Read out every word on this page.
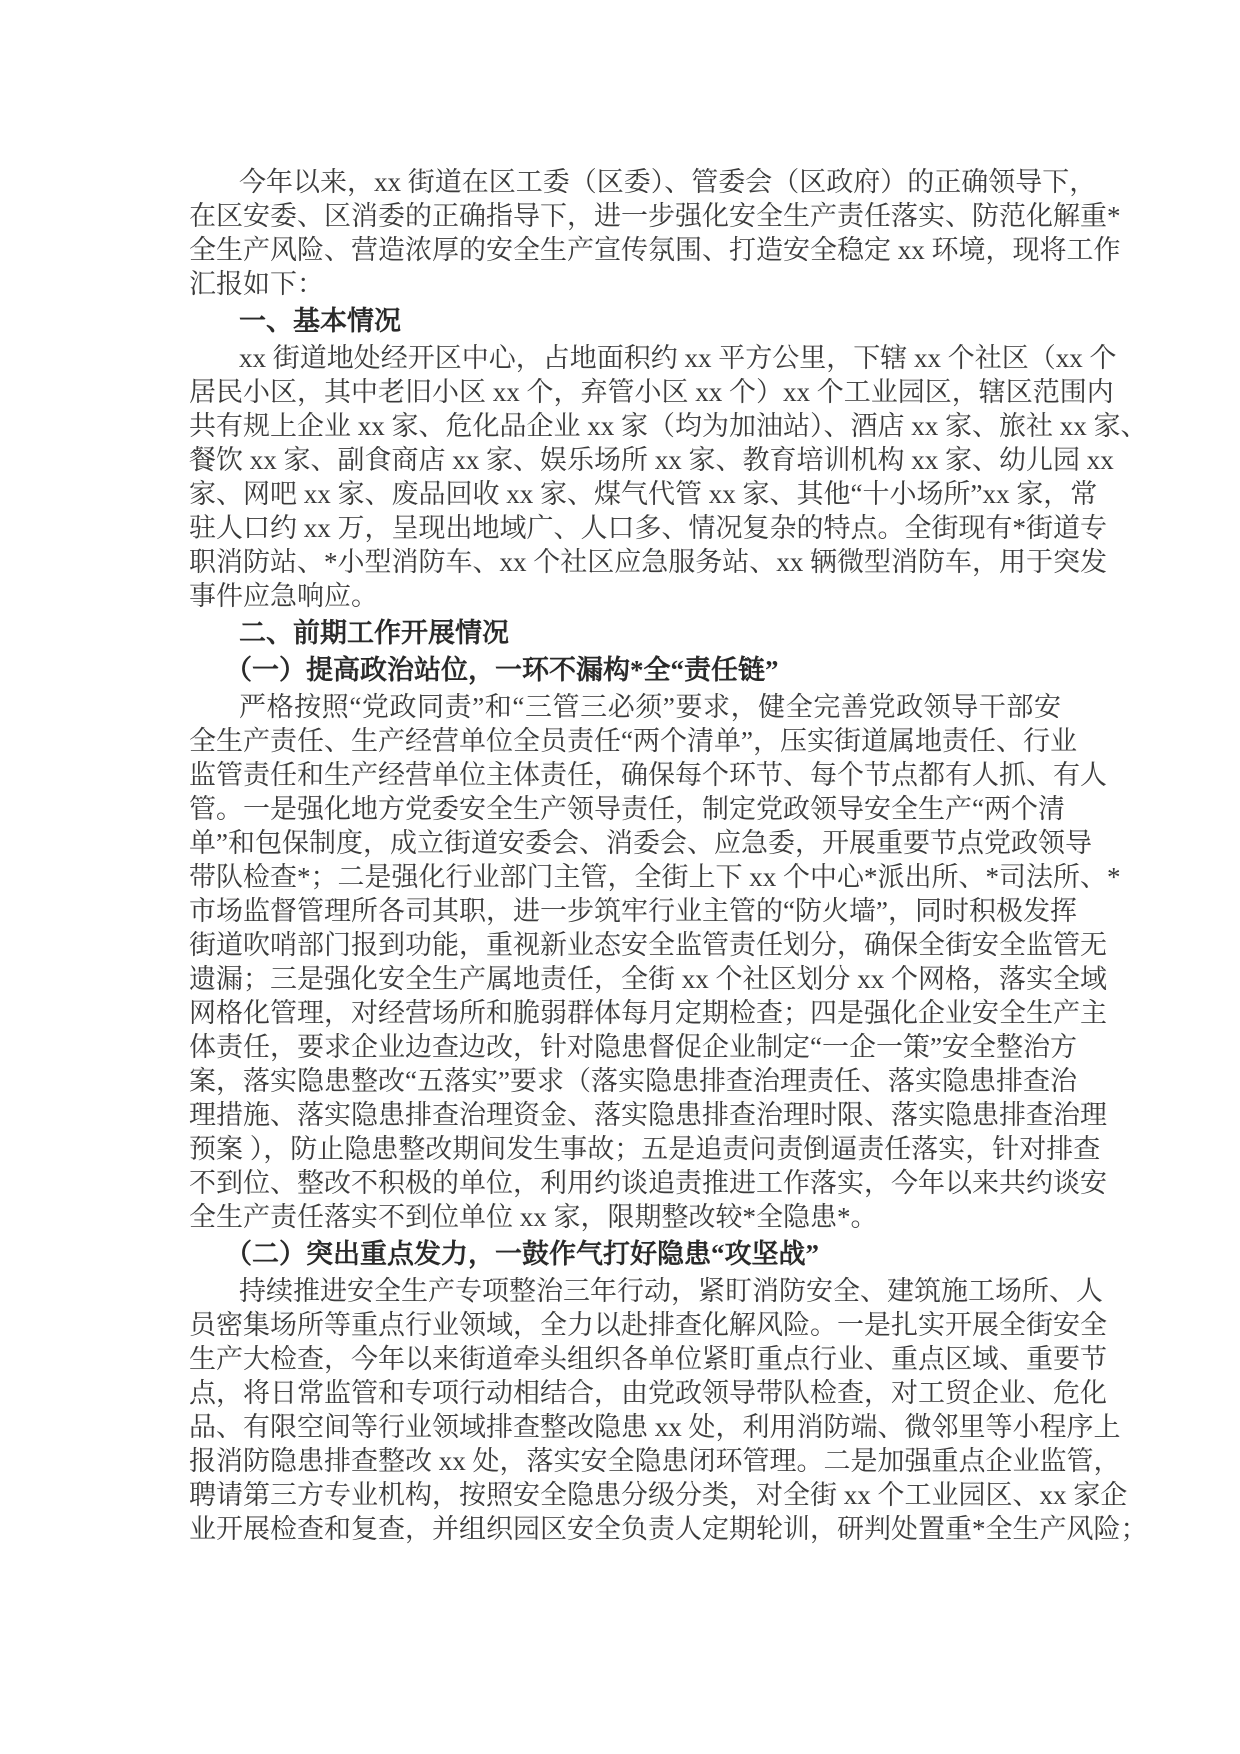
今年以来，xx 街道在区工委（区委）、管委会（区政府）的正确领导下，
在区安委、区消委的正确指导下，进一步强化安全生产责任落实、防范化解重*
全生产风险、营造浓厚的安全生产宣传氛围、打造安全稳定 xx 环境，现将工作
汇报如下：
一、基本情况
xx 街道地处经开区中心，占地面积约 xx 平方公里，下辖 xx 个社区（xx 个
居民小区，其中老旧小区 xx 个，弃管小区 xx 个）xx 个工业园区，辖区范围内
共有规上企业 xx 家、危化品企业 xx 家（均为加油站）、酒店 xx 家、旅社 xx 家、
餐饮 xx 家、副食商店 xx 家、娱乐场所 xx 家、教育培训机构 xx 家、幼儿园 xx
家、网吧 xx 家、废品回收 xx 家、煤气代管 xx 家、其他“十小场所”xx 家，常
驻人口约 xx 万，呈现出地域广、人口多、情况复杂的特点。全街现有*街道专
职消防站、*小型消防车、xx 个社区应急服务站、xx 辆微型消防车，用于突发
事件应急响应。
二、前期工作开展情况
（一）提高政治站位，一环不漏构*全“责任链”
严格按照“党政同责”和“三管三必须”要求，健全完善党政领导干部安
全生产责任、生产经营单位全员责任“两个清单”，压实街道属地责任、行业
监管责任和生产经营单位主体责任，确保每个环节、每个节点都有人抓、有人
管。一是强化地方党委安全生产领导责任，制定党政领导安全生产“两个清
单”和包保制度，成立街道安委会、消委会、应急委，开展重要节点党政领导
带队检查*；二是强化行业部门主管，全街上下 xx 个中心*派出所、*司法所、*
市场监督管理所各司其职，进一步筑牢行业主管的“防火墙”，同时积极发挥
街道吹哨部门报到功能，重视新业态安全监管责任划分，确保全街安全监管无
遗漏；三是强化安全生产属地责任，全街 xx 个社区划分 xx 个网格，落实全域
网格化管理，对经营场所和脆弱群体每月定期检查；四是强化企业安全生产主
体责任，要求企业边查边改，针对隐患督促企业制定“一企一策”安全整治方
案，落实隐患整改“五落实”要求（落实隐患排查治理责任、落实隐患排查治
理措施、落实隐患排查治理资金、落实隐患排查治理时限、落实隐患排查治理
预案 ），防止隐患整改期间发生事故；五是追责问责倒逼责任落实，针对排查
不到位、整改不积极的单位，利用约谈追责推进工作落实，今年以来共约谈安
全生产责任落实不到位单位 xx 家，限期整改较*全隐患*。
（二）突出重点发力，一鼓作气打好隐患“攻坚战”
持续推进安全生产专项整治三年行动，紧盯消防安全、建筑施工场所、人
员密集场所等重点行业领域，全力以赴排查化解风险。一是扎实开展全街安全
生产大检查，今年以来街道牵头组织各单位紧盯重点行业、重点区域、重要节
点，将日常监管和专项行动相结合，由党政领导带队检查，对工贸企业、危化
品、有限空间等行业领域排查整改隐患 xx 处，利用消防端、微邻里等小程序上
报消防隐患排查整改 xx 处，落实安全隐患闭环管理。二是加强重点企业监管，
聘请第三方专业机构，按照安全隐患分级分类，对全街 xx 个工业园区、xx 家企
业开展检查和复查，并组织园区安全负责人定期轮训，研判处置重*全生产风险；
